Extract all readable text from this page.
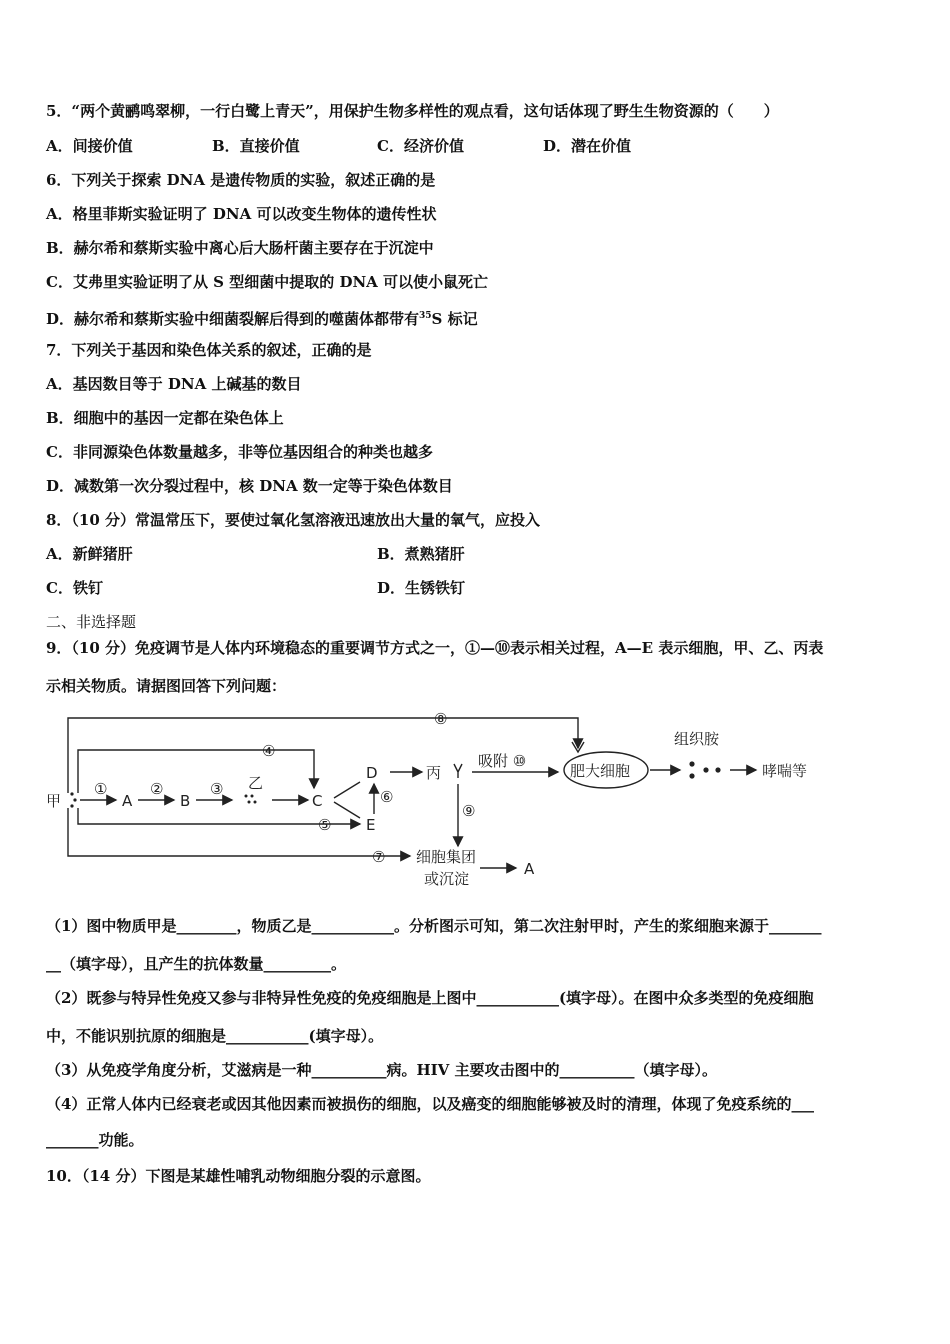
5．“两个黄鹂鸣翠柳，一行白鹭上青天”，用保护生物多样性的观点看，这句话体现了野生生物资源的（　　）
A．间接价值	B．直接价值	C．经济价值	D．潜在价值
6．下列关于探索 DNA 是遗传物质的实验，叙述正确的是
A．格里菲斯实验证明了 DNA 可以改变生物体的遗传性状
B．赫尔希和蔡斯实验中离心后大肠杆菌主要存在于沉淀中
C．艾弗里实验证明了从 S 型细菌中提取的 DNA 可以使小鼠死亡
D．赫尔希和蔡斯实验中细菌裂解后得到的噬菌体都带有$^{35}$S 标记
7．下列关于基因和染色体关系的叙述，正确的是
A．基因数目等于 DNA 上碱基的数目
B．细胞中的基因一定都在染色体上
C．非同源染色体数量越多，非等位基因组合的种类也越多
D．减数第一次分裂过程中，核 DNA 数一定等于染色体数目
8．（10 分）常温常压下，要使过氧化氢溶液迅速放出大量的氧气，应投入
A．新鲜猪肝	B．煮熟猪肝
C．铁钉	D．生锈铁钉
二、非选择题
9．（10 分）免疫调节是人体内环境稳态的重要调节方式之一，①—⑩表示相关过程，A—E 表示细胞，甲、乙、丙表
示相关物质。请据图回答下列问题：
甲	A	B	C
D
E
乙
丙
①	②	③
④
⑤
⑥
⑦
⑧
⑨
吸附 ⑩
肥大细胞
组织胺
哮喘等
细胞集团
或沉淀
A
（1）图中物质甲是________，物质乙是___________。分析图示可知，第二次注射甲时，产生的浆细胞来源于_______
__（填字母），且产生的抗体数量_________。
（2）既参与特异性免疫又参与非特异性免疫的免疫细胞是上图中___________(填字母）。在图中众多类型的免疫细胞
中，不能识别抗原的细胞是___________(填字母）。
（3）从免疫学角度分析，艾滋病是一种__________病。HIV 主要攻击图中的__________（填字母）。
（4）正常人体内已经衰老或因其他因素而被损伤的细胞，以及癌变的细胞能够被及时的清理，体现了免疫系统的___
_______功能。
10．（14 分）下图是某雄性哺乳动物细胞分裂的示意图。
